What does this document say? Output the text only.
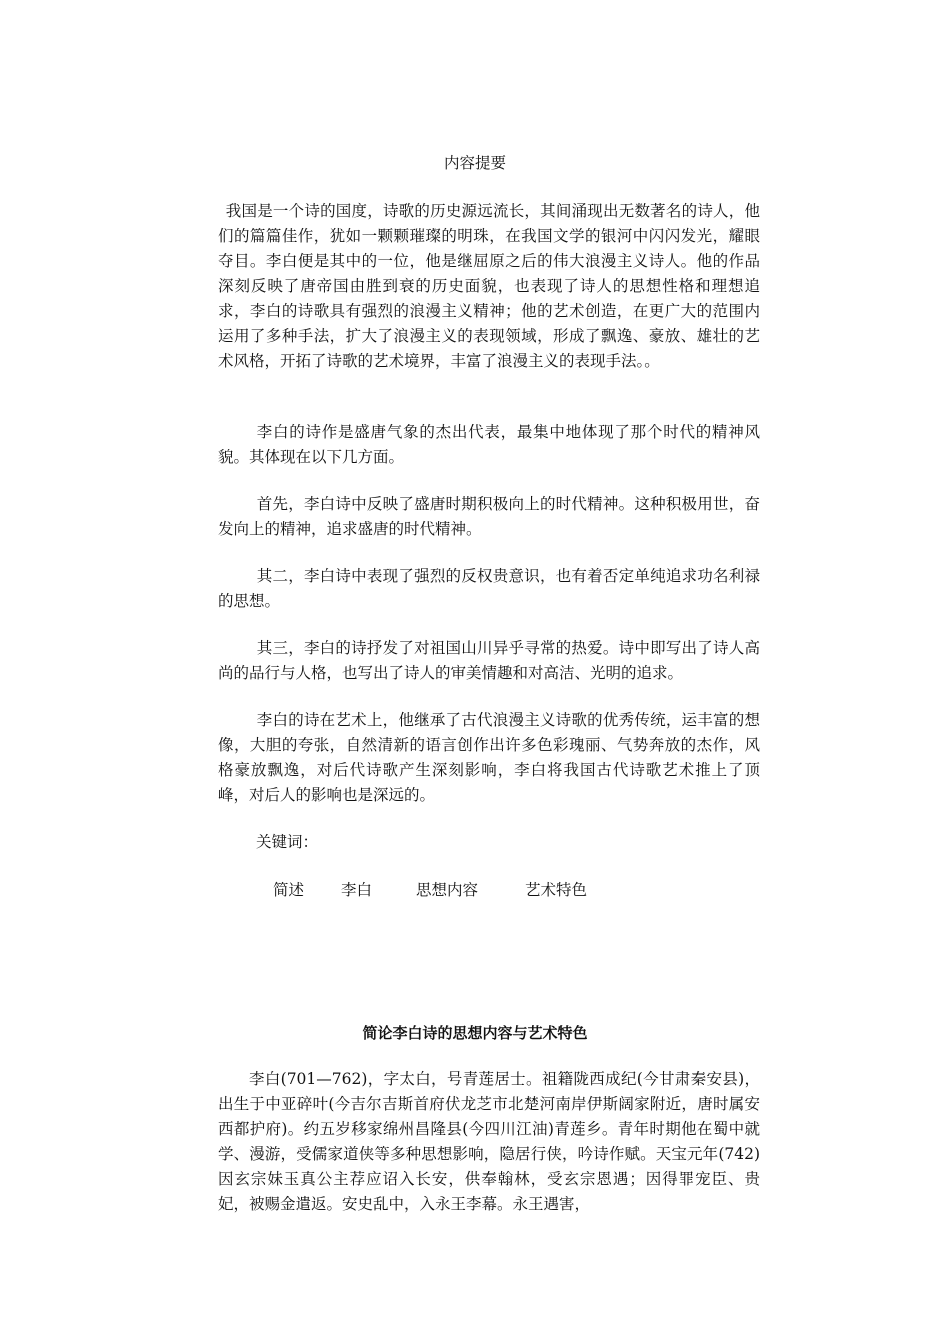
内容提要

我国是一个诗的国度，诗歌的历史源远流长，其间涌现出无数著名的诗人，他们的篇篇佳作，犹如一颗颗璀璨的明珠，在我国文学的银河中闪闪发光，耀眼夺目。李白便是其中的一位，他是继屈原之后的伟大浪漫主义诗人。他的作品深刻反映了唐帝国由胜到衰的历史面貌，也表现了诗人的思想性格和理想追求，李白的诗歌具有强烈的浪漫主义精神；他的艺术创造，在更广大的范围内运用了多种手法，扩大了浪漫主义的表现领域，形成了飘逸、豪放、雄壮的艺术风格，开拓了诗歌的艺术境界，丰富了浪漫主义的表现手法。。

李白的诗作是盛唐气象的杰出代表，最集中地体现了那个时代的精神风貌。其体现在以下几方面。

首先，李白诗中反映了盛唐时期积极向上的时代精神。这种积极用世，奋发向上的精神，追求盛唐的时代精神。

其二，李白诗中表现了强烈的反权贵意识，也有着否定单纯追求功名利禄的思想。

其三，李白的诗抒发了对祖国山川异乎寻常的热爱。诗中即写出了诗人高尚的品行与人格，也写出了诗人的审美情趣和对高洁、光明的追求。

李白的诗在艺术上，他继承了古代浪漫主义诗歌的优秀传统，运丰富的想像，大胆的夸张，自然清新的语言创作出许多色彩瑰丽、气势奔放的杰作，风格豪放飘逸，对后代诗歌产生深刻影响，李白将我国古代诗歌艺术推上了顶峰，对后人的影响也是深远的。

关键词：

简述 李白	思想内容	艺术特色

简论李白诗的思想内容与艺术特色

李白(701—762)，字太白，号青莲居士。祖籍陇西成纪(今甘肃秦安县)，出生于中亚碎叶(今吉尔吉斯首府伏龙芝市北楚河南岸伊斯阔家附近，唐时属安西都护府)。约五岁移家绵州昌隆县(今四川江油)青莲乡。青年时期他在蜀中就学、漫游，受儒家道侠等多种思想影响，隐居行侠，吟诗作赋。天宝元年(742)因玄宗妹玉真公主荐应诏入长安，供奉翰林，受玄宗恩遇；因得罪宠臣、贵妃，被赐金遣返。安史乱中，入永王李幕。永王遇害，
